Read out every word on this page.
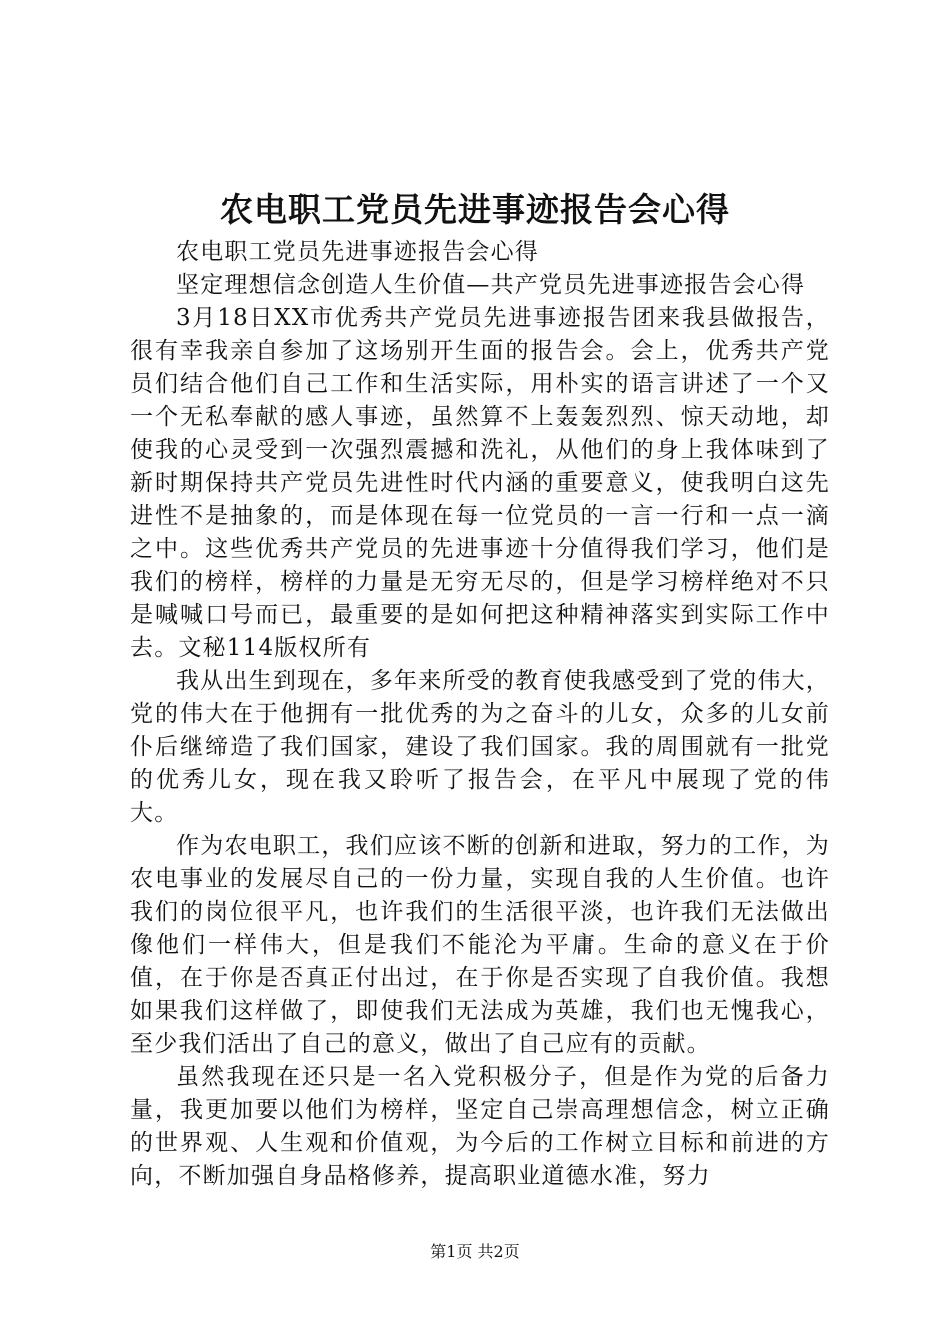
农电职工党员先进事迹报告会心得

农电职工党员先进事迹报告会心得

坚定理想信念创造人生价值—共产党员先进事迹报告会心得

3月18日XX市优秀共产党员先进事迹报告团来我县做报告，很有幸我亲自参加了这场别开生面的报告会。会上，优秀共产党员们结合他们自己工作和生活实际，用朴实的语言讲述了一个又一个无私奉献的感人事迹，虽然算不上轰轰烈烈、惊天动地，却使我的心灵受到一次强烈震撼和洗礼，从他们的身上我体味到了新时期保持共产党员先进性时代内涵的重要意义，使我明白这先进性不是抽象的，而是体现在每一位党员的一言一行和一点一滴之中。这些优秀共产党员的先进事迹十分值得我们学习，他们是我们的榜样，榜样的力量是无穷无尽的，但是学习榜样绝对不只是喊喊口号而已，最重要的是如何把这种精神落实到实际工作中去。文秘114版权所有

我从出生到现在，多年来所受的教育使我感受到了党的伟大，党的伟大在于他拥有一批优秀的为之奋斗的儿女，众多的儿女前仆后继缔造了我们国家，建设了我们国家。我的周围就有一批党的优秀儿女，现在我又聆听了报告会，在平凡中展现了党的伟大。

作为农电职工，我们应该不断的创新和进取，努力的工作，为农电事业的发展尽自己的一份力量，实现自我的人生价值。也许我们的岗位很平凡，也许我们的生活很平淡，也许我们无法做出像他们一样伟大，但是我们不能沦为平庸。生命的意义在于价值，在于你是否真正付出过，在于你是否实现了自我价值。我想如果我们这样做了，即使我们无法成为英雄，我们也无愧我心，至少我们活出了自己的意义，做出了自己应有的贡献。

虽然我现在还只是一名入党积极分子，但是作为党的后备力量，我更加要以他们为榜样，坚定自己崇高理想信念，树立正确的世界观、人生观和价值观，为今后的工作树立目标和前进的方向，不断加强自身品格修养，提高职业道德水准，努力

第1页 共2页
